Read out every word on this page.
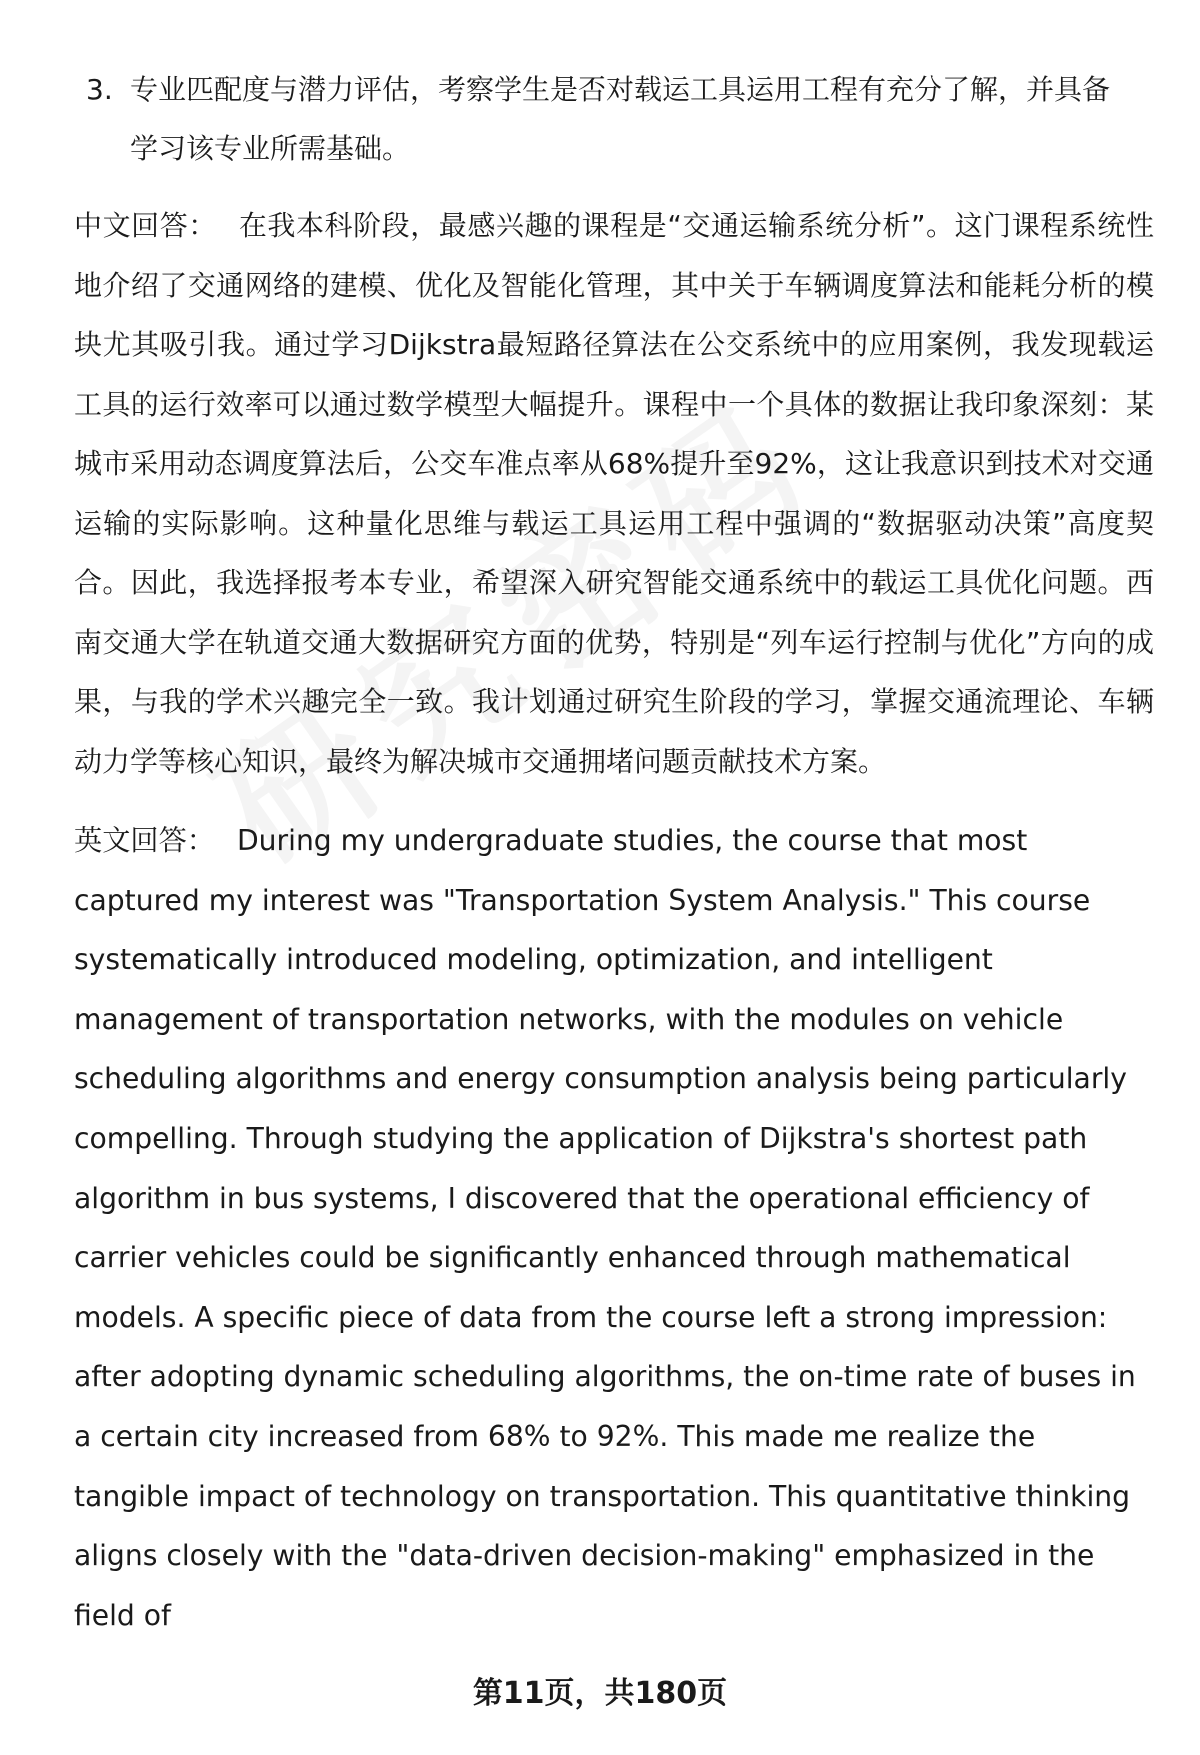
3. 专业匹配度与潜力评估，考察学生是否对载运工具运用工程有充分了解，并具备学习该专业所需基础。
中文回答： 在我本科阶段，最感兴趣的课程是“交通运输系统分析”。这门课程系统性地介绍了交通网络的建模、优化及智能化管理，其中关于车辆调度算法和能耗分析的模块尤其吸引我。通过学习Dijkstra最短路径算法在公交系统中的应用案例，我发现载运工具的运行效率可以通过数学模型大幅提升。课程中一个具体的数据让我印象深刻：某城市采用动态调度算法后，公交车准点率从68%提升至92%，这让我意识到技术对交通运输的实际影响。这种量化思维与载运工具运用工程中强调的“数据驱动决策”高度契合。因此，我选择报考本专业，希望深入研究智能交通系统中的载运工具优化问题。西南交通大学在轨道交通大数据研究方面的优势，特别是“列车运行控制与优化”方向的成果，与我的学术兴趣完全一致。我计划通过研究生阶段的学习，掌握交通流理论、车辆动力学等核心知识，最终为解决城市交通拥堵问题贡献技术方案。
英文回答： During my undergraduate studies, the course that most captured my interest was "Transportation System Analysis." This course systematically introduced modeling, optimization, and intelligent management of transportation networks, with the modules on vehicle scheduling algorithms and energy consumption analysis being particularly compelling. Through studying the application of Dijkstra's shortest path algorithm in bus systems, I discovered that the operational efficiency of carrier vehicles could be significantly enhanced through mathematical models. A specific piece of data from the course left a strong impression: after adopting dynamic scheduling algorithms, the on-time rate of buses in a certain city increased from 68% to 92%. This made me realize the tangible impact of technology on transportation. This quantitative thinking aligns closely with the "data-driven decision-making" emphasized in the field of
第11页，共180页
